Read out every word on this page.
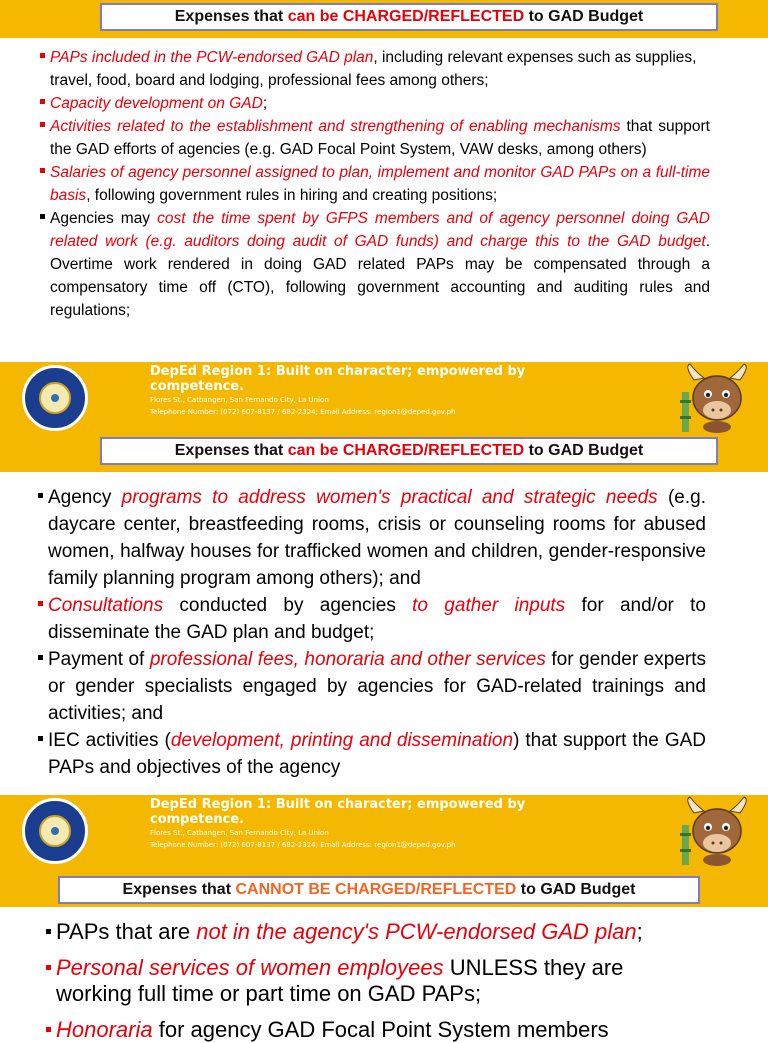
Expenses that can be CHARGED/REFLECTED to GAD Budget
PAPs included in the PCW-endorsed GAD plan, including relevant expenses such as supplies, travel, food, board and lodging, professional fees among others;
Capacity development on GAD;
Activities related to the establishment and strengthening of enabling mechanisms that support the GAD efforts of agencies (e.g. GAD Focal Point System, VAW desks, among others)
Salaries of agency personnel assigned to plan, implement and monitor GAD PAPs on a full-time basis, following government rules in hiring and creating positions;
Agencies may cost the time spent by GFPS members and of agency personnel doing GAD related work (e.g. auditors doing audit of GAD funds) and charge this to the GAD budget. Overtime work rendered in doing GAD related PAPs may be compensated through a compensatory time off (CTO), following government accounting and auditing rules and regulations;
DepEd Region 1: Built on character; empowered by competence.
Flores St., Catbangen, San Fernando City, La Union
Telephone Number: (072) 607-8137 / 682-2324; Email Address: region1@deped.gov.ph
Expenses that can be CHARGED/REFLECTED to GAD Budget
Agency programs to address women's practical and strategic needs (e.g. daycare center, breastfeeding rooms, crisis or counseling rooms for abused women, halfway houses for trafficked women and children, gender-responsive family planning program among others); and
Consultations conducted by agencies to gather inputs for and/or to disseminate the GAD plan and budget;
Payment of professional fees, honoraria and other services for gender experts or gender specialists engaged by agencies for GAD-related trainings and activities; and
IEC activities (development, printing and dissemination) that support the GAD PAPs and objectives of the agency
DepEd Region 1: Built on character; empowered by competence.
Flores St., Catbangen, San Fernando City, La Union
Telephone Number: (072) 607-8137 / 682-2324; Email Address: region1@deped.gov.ph
Expenses that CANNOT BE CHARGED/REFLECTED to GAD Budget
PAPs that are not in the agency's PCW-endorsed GAD plan;
Personal services of women employees UNLESS they are working full time or part time on GAD PAPs;
Honoraria for agency GAD Focal Point System members
